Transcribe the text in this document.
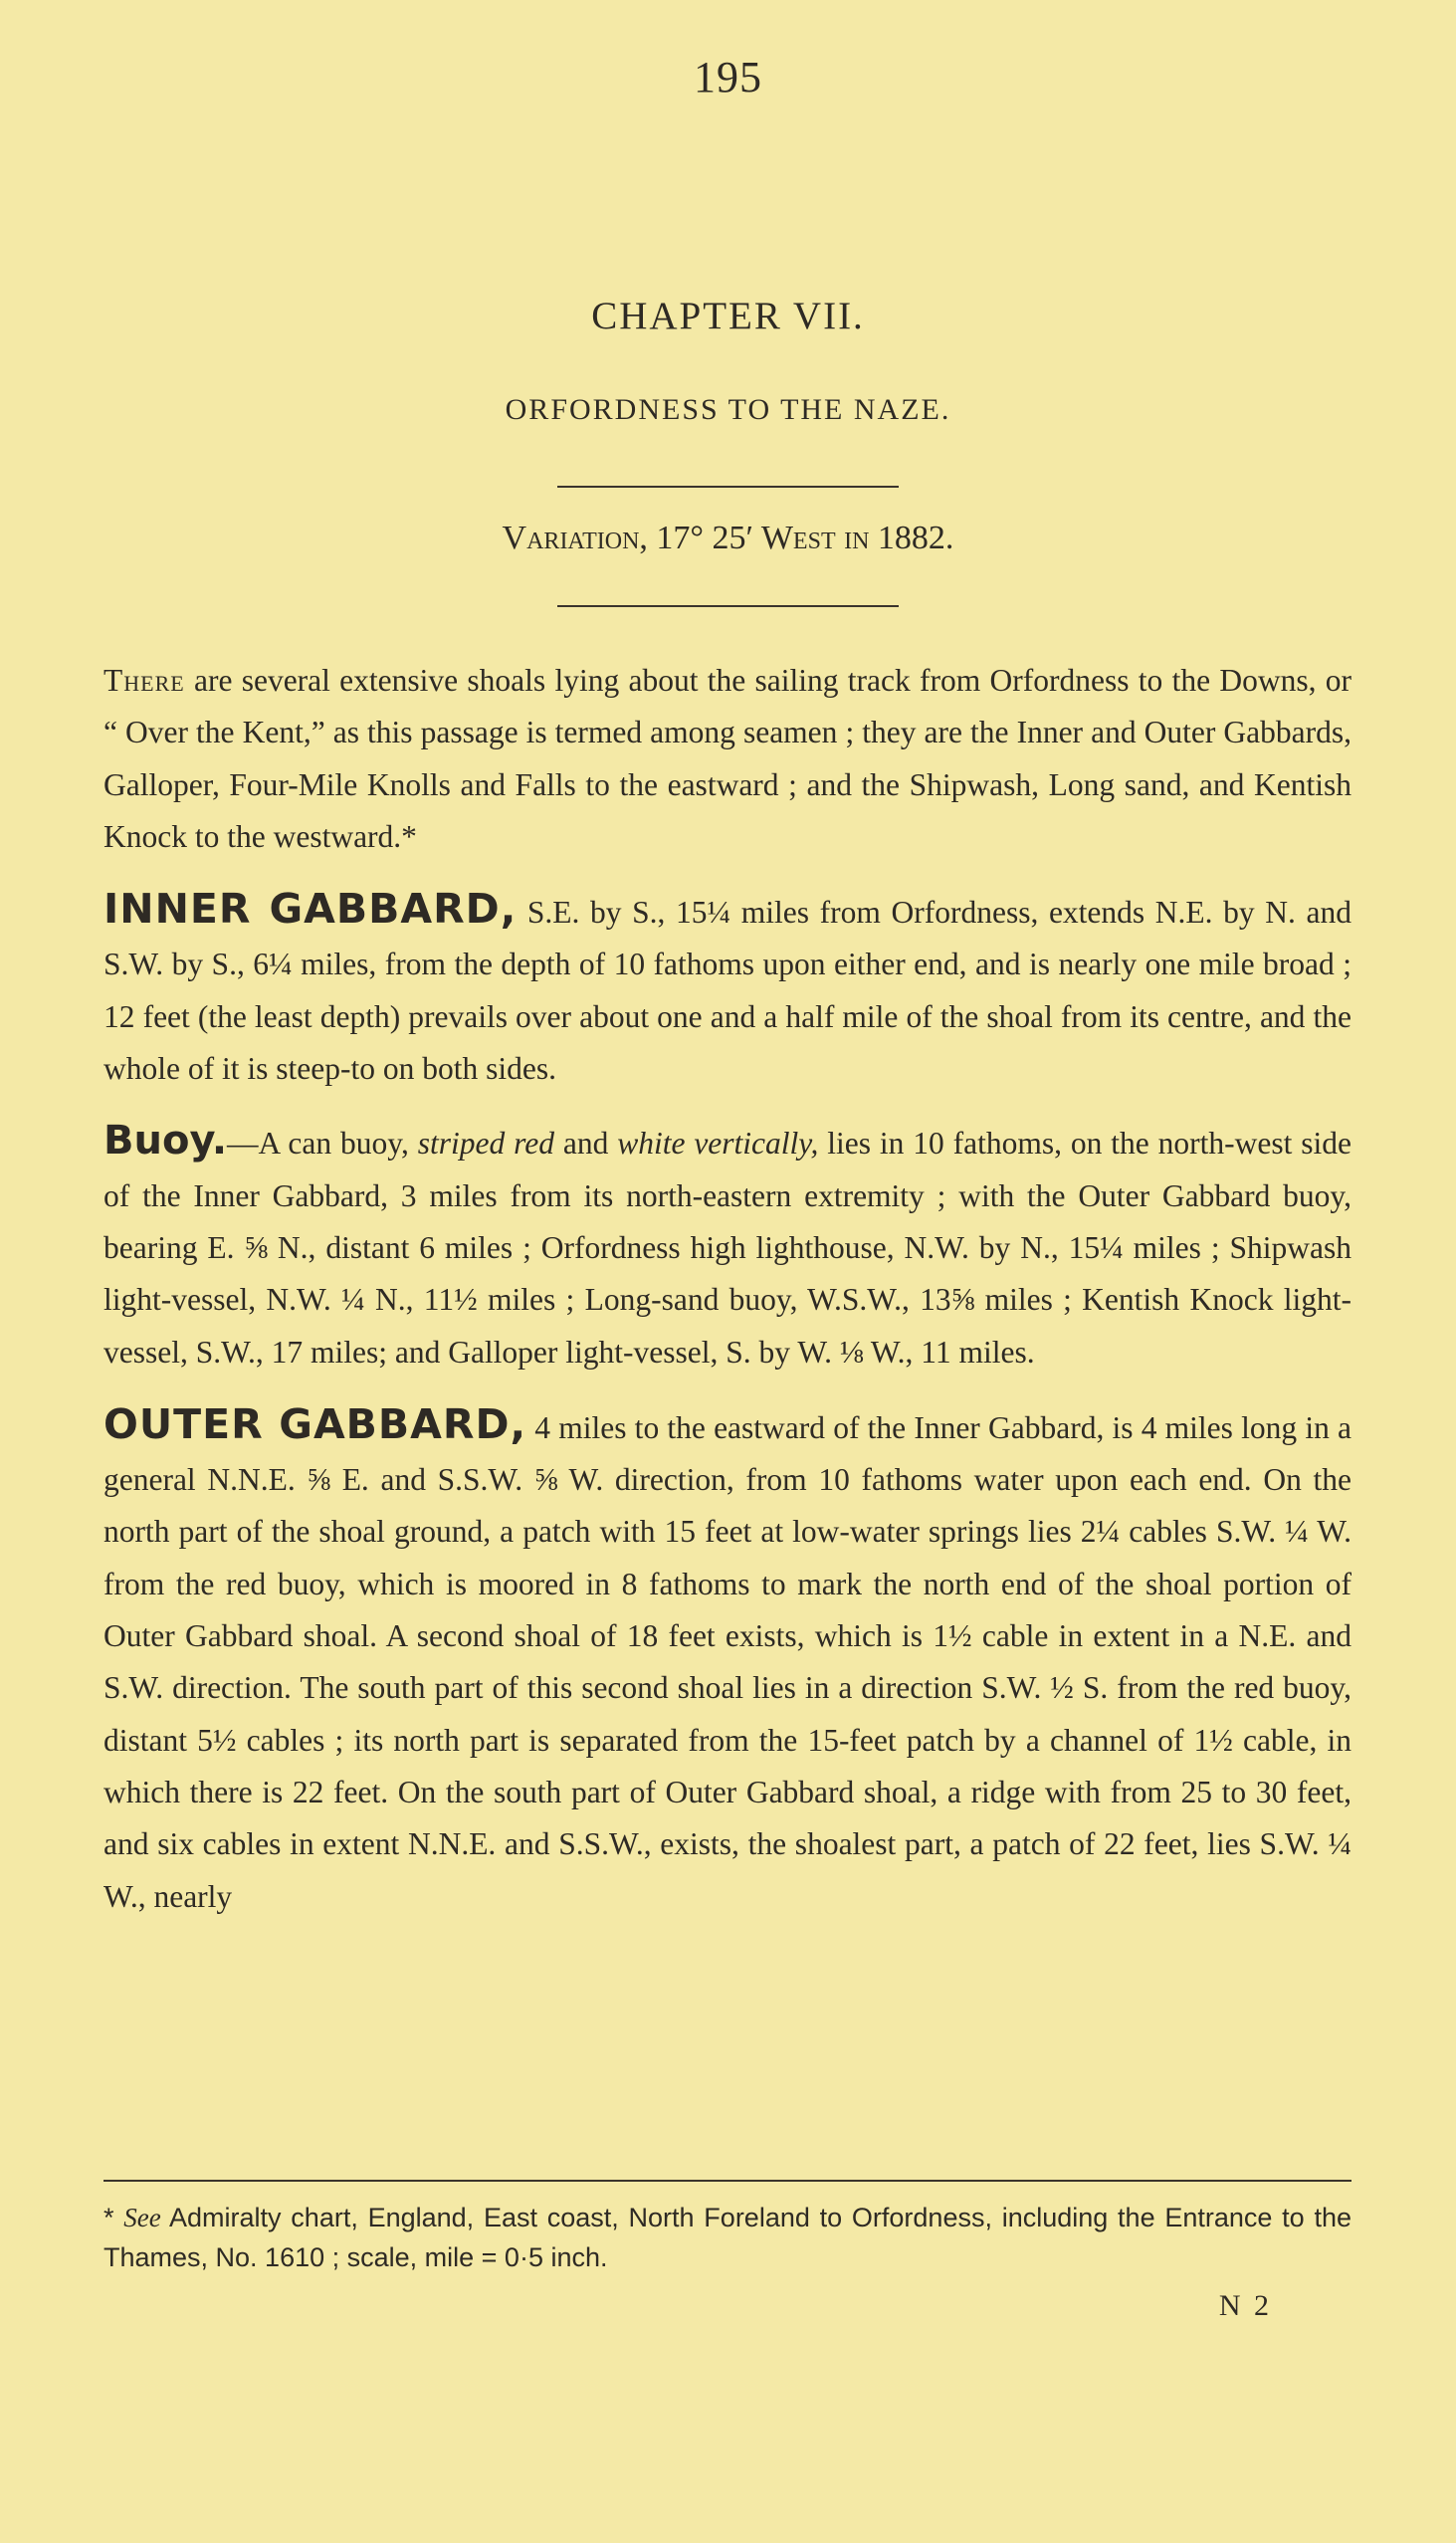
195
CHAPTER VII.
ORFORDNESS TO THE NAZE.
Variation, 17° 25′ West in 1882.

There are several extensive shoals lying about the sailing track from Orfordness to the Downs, or “ Over the Kent,” as this passage is termed among seamen ; they are the Inner and Outer Gabbards, Galloper, Four-Mile Knolls and Falls to the eastward ; and the Shipwash, Long sand, and Kentish Knock to the westward.*

INNER GABBARD, S.E. by S., 15¼ miles from Orfordness, extends N.E. by N. and S.W. by S., 6¼ miles, from the depth of 10 fathoms upon either end, and is nearly one mile broad ; 12 feet (the least depth) prevails over about one and a half mile of the shoal from its centre, and the whole of it is steep-to on both sides.

Buoy.—A can buoy, striped red and white vertically, lies in 10 fathoms, on the north-west side of the Inner Gabbard, 3 miles from its north-eastern extremity ; with the Outer Gabbard buoy, bearing E. ⅝ N., distant 6 miles ; Orfordness high lighthouse, N.W. by N., 15¼ miles ; Shipwash light-vessel, N.W. ¼ N., 11½ miles ; Long-sand buoy, W.S.W., 13⅝ miles ; Kentish Knock light-vessel, S.W., 17 miles; and Galloper light-vessel, S. by W. ⅛ W., 11 miles.

OUTER GABBARD, 4 miles to the eastward of the Inner Gabbard, is 4 miles long in a general N.N.E. ⅝ E. and S.S.W. ⅝ W. direction, from 10 fathoms water upon each end. On the north part of the shoal ground, a patch with 15 feet at low-water springs lies 2¼ cables S.W. ¼ W. from the red buoy, which is moored in 8 fathoms to mark the north end of the shoal portion of Outer Gabbard shoal. A second shoal of 18 feet exists, which is 1½ cable in extent in a N.E. and S.W. direction. The south part of this second shoal lies in a direction S.W. ½ S. from the red buoy, distant 5½ cables ; its north part is separated from the 15-feet patch by a channel of 1½ cable, in which there is 22 feet. On the south part of Outer Gabbard shoal, a ridge with from 25 to 30 feet, and six cables in extent N.N.E. and S.S.W., exists, the shoalest part, a patch of 22 feet, lies S.W. ¼ W., nearly

* See Admiralty chart, England, East coast, North Foreland to Orfordness, including the Entrance to the Thames, No. 1610 ; scale, mile = 0·5 inch.
N 2
